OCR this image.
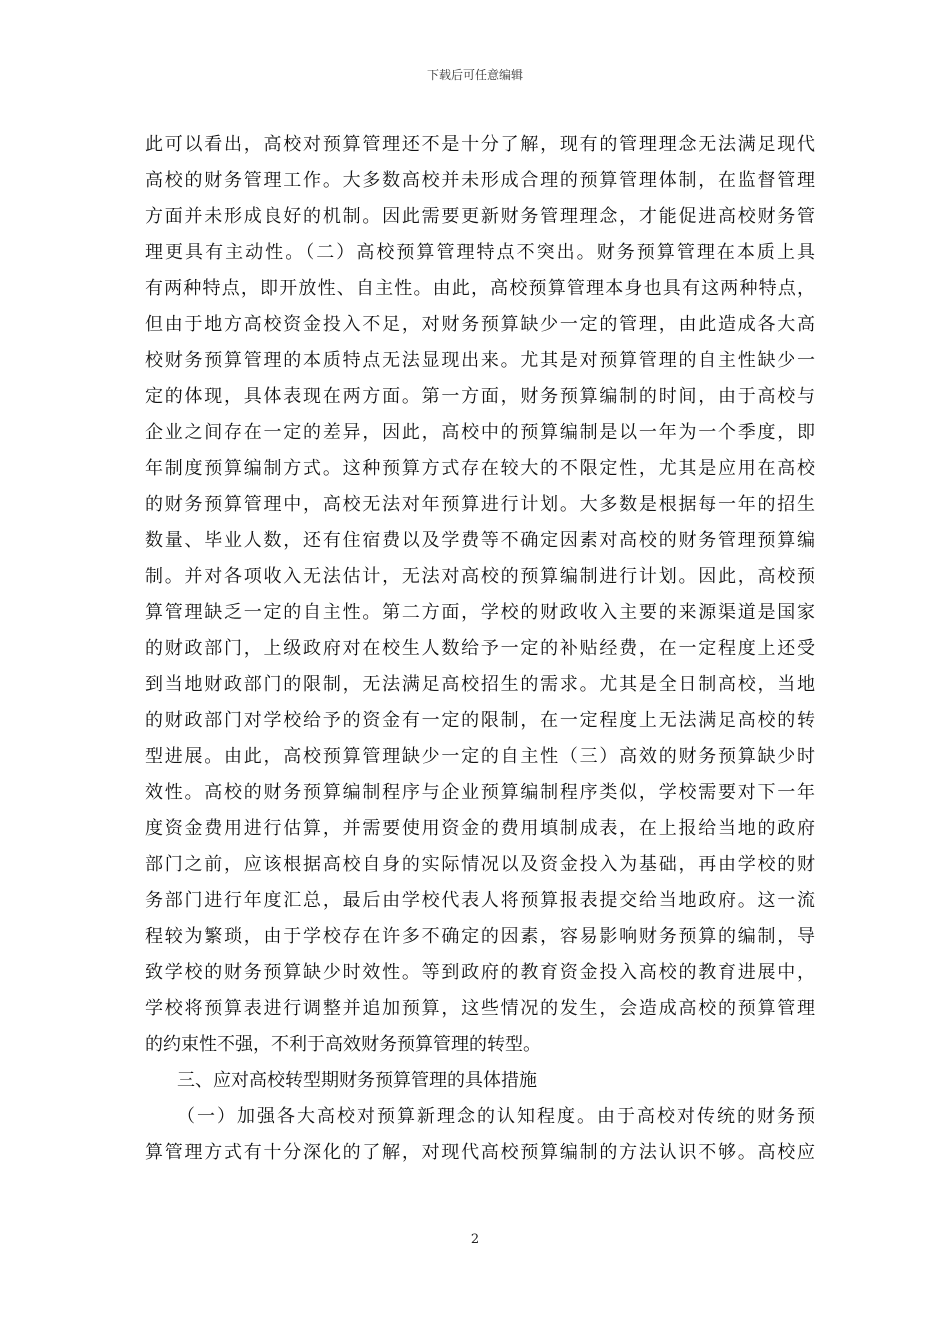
下载后可任意编辑
此可以看出，高校对预算管理还不是十分了解，现有的管理理念无法满足现代
高校的财务管理工作。大多数高校并未形成合理的预算管理体制，在监督管理
方面并未形成良好的机制。因此需要更新财务管理理念，才能促进高校财务管
理更具有主动性。（二）高校预算管理特点不突出。财务预算管理在本质上具
有两种特点，即开放性、自主性。由此，高校预算管理本身也具有这两种特点，
但由于地方高校资金投入不足，对财务预算缺少一定的管理，由此造成各大高
校财务预算管理的本质特点无法显现出来。尤其是对预算管理的自主性缺少一
定的体现，具体表现在两方面。第一方面，财务预算编制的时间，由于高校与
企业之间存在一定的差异，因此，高校中的预算编制是以一年为一个季度，即
年制度预算编制方式。这种预算方式存在较大的不限定性，尤其是应用在高校
的财务预算管理中，高校无法对年预算进行计划。大多数是根据每一年的招生
数量、毕业人数，还有住宿费以及学费等不确定因素对高校的财务管理预算编
制。并对各项收入无法估计，无法对高校的预算编制进行计划。因此，高校预
算管理缺乏一定的自主性。第二方面，学校的财政收入主要的来源渠道是国家
的财政部门，上级政府对在校生人数给予一定的补贴经费，在一定程度上还受
到当地财政部门的限制，无法满足高校招生的需求。尤其是全日制高校，当地
的财政部门对学校给予的资金有一定的限制，在一定程度上无法满足高校的转
型进展。由此，高校预算管理缺少一定的自主性（三）高效的财务预算缺少时
效性。高校的财务预算编制程序与企业预算编制程序类似，学校需要对下一年
度资金费用进行估算，并需要使用资金的费用填制成表，在上报给当地的政府
部门之前，应该根据高校自身的实际情况以及资金投入为基础，再由学校的财
务部门进行年度汇总，最后由学校代表人将预算报表提交给当地政府。这一流
程较为繁琐，由于学校存在许多不确定的因素，容易影响财务预算的编制，导
致学校的财务预算缺少时效性。等到政府的教育资金投入高校的教育进展中，
学校将预算表进行调整并追加预算，这些情况的发生，会造成高校的预算管理
的约束性不强，不利于高效财务预算管理的转型。
三、应对高校转型期财务预算管理的具体措施
（一）加强各大高校对预算新理念的认知程度。由于高校对传统的财务预
算管理方式有十分深化的了解，对现代高校预算编制的方法认识不够。高校应
2
